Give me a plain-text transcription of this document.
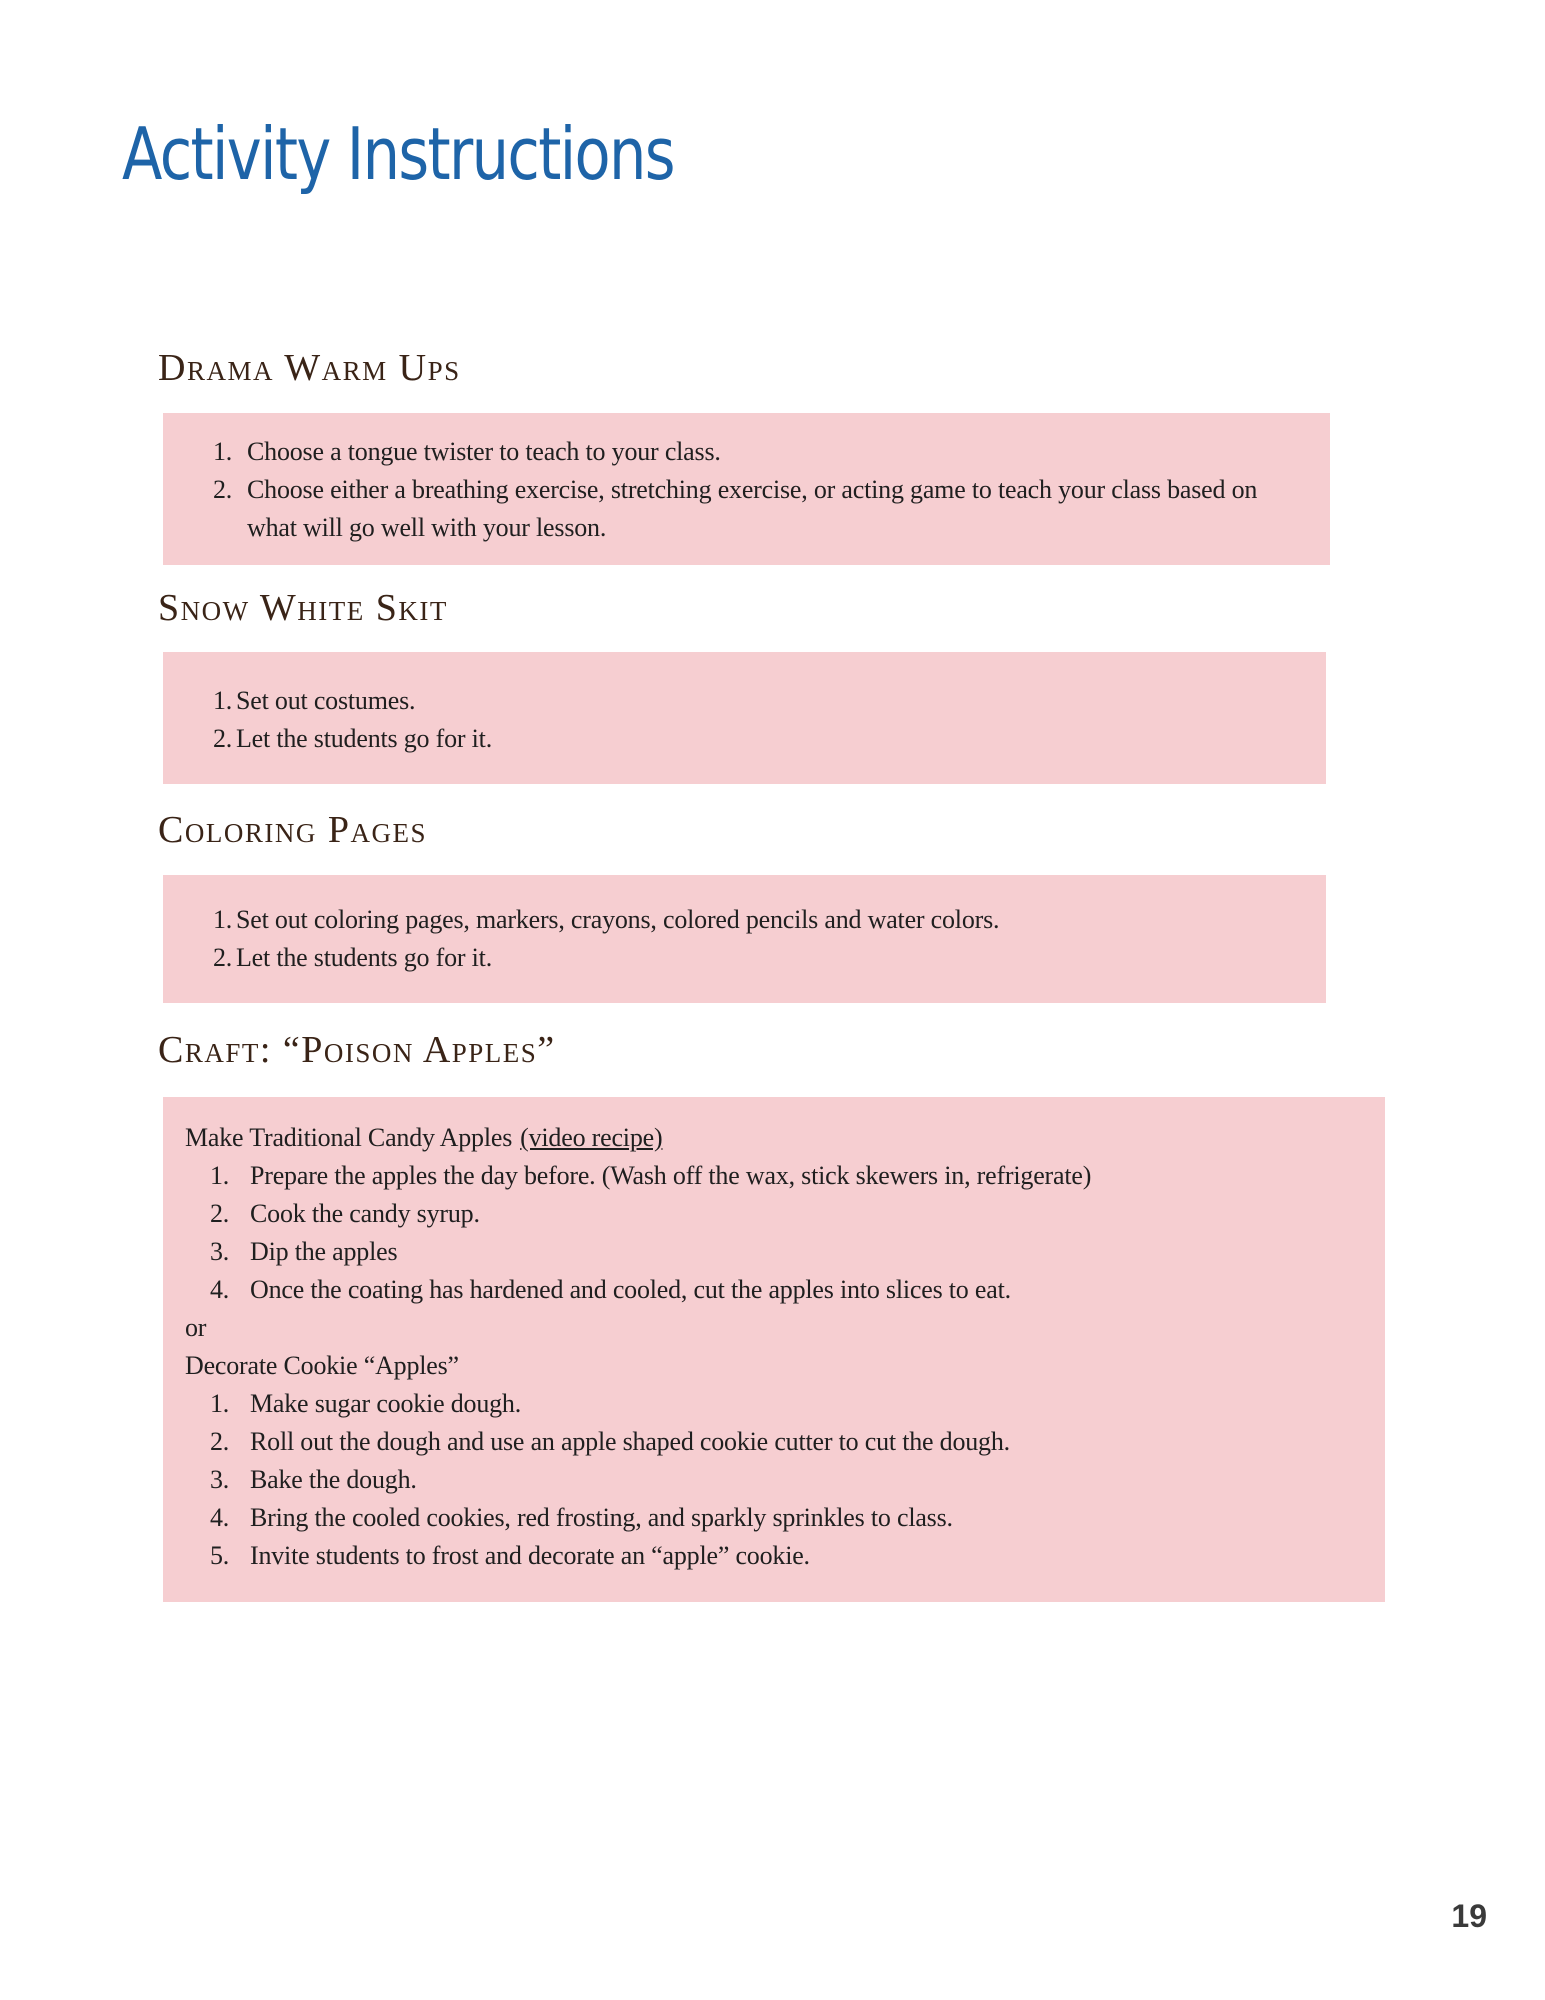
Activity Instructions
Drama Warm Ups
1. Choose a tongue twister to teach to your class.
2. Choose either a breathing exercise, stretching exercise, or acting game to teach your class based on what will go well with your lesson.
Snow White Skit
1. Set out costumes.
2. Let the students go for it.
Coloring Pages
1. Set out coloring pages, markers, crayons, colored pencils and water colors.
2. Let the students go for it.
Craft: “Poison Apples”
Make Traditional Candy Apples (video recipe)
1. Prepare the apples the day before. (Wash off the wax, stick skewers in, refrigerate)
2. Cook the candy syrup.
3. Dip the apples
4. Once the coating has hardened and cooled, cut the apples into slices to eat.
or
Decorate Cookie “Apples”
1. Make sugar cookie dough.
2. Roll out the dough and use an apple shaped cookie cutter to cut the dough.
3. Bake the dough.
4. Bring the cooled cookies, red frosting, and sparkly sprinkles to class.
5. Invite students to frost and decorate an “apple” cookie.
19
